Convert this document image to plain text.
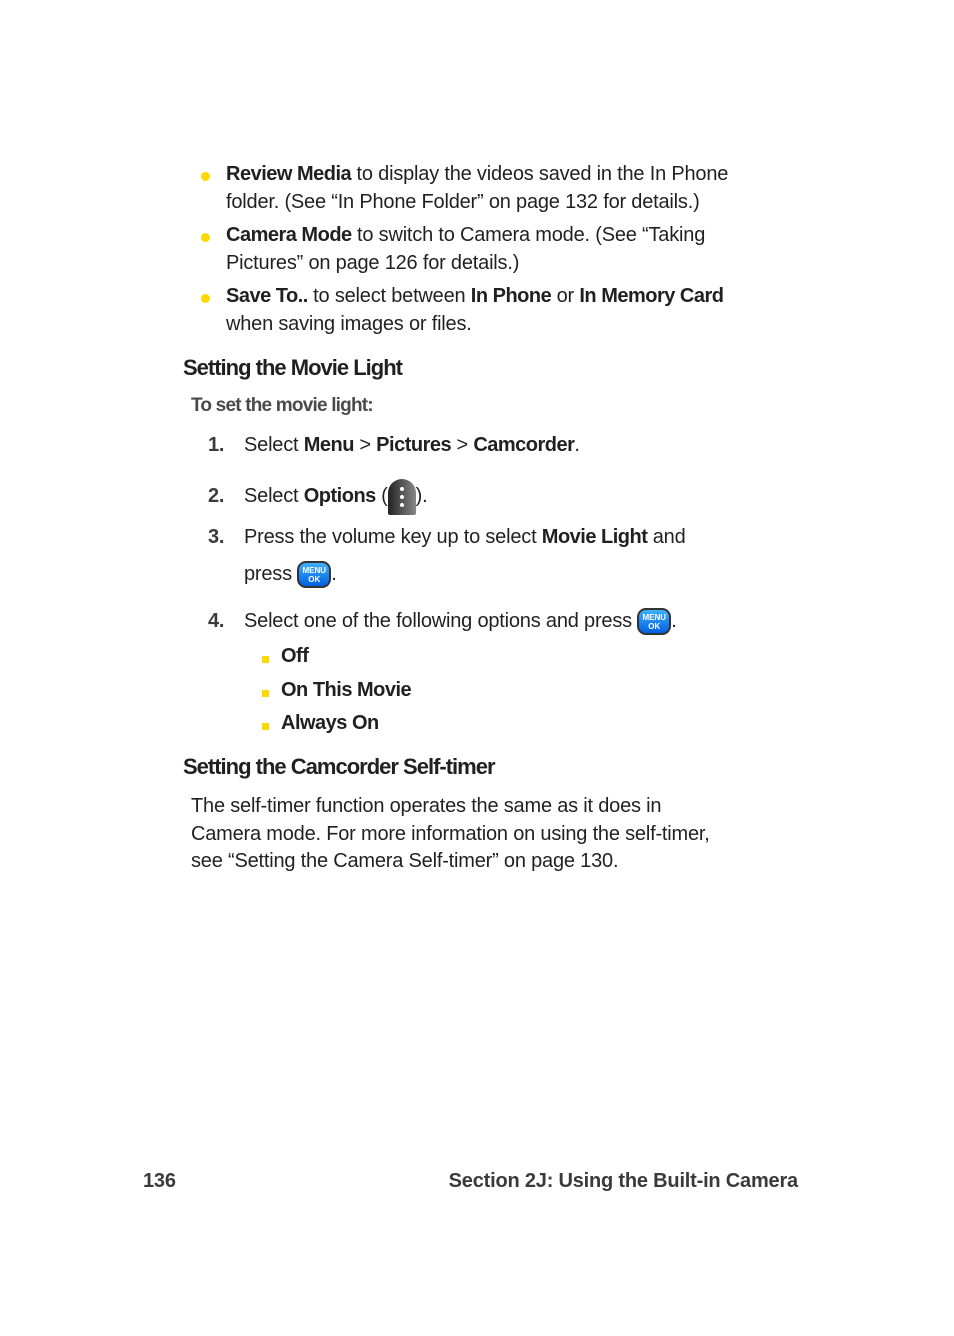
Review Media to display the videos saved in the In Phone
folder. (See “In Phone Folder” on page 132 for details.)
Camera Mode to switch to Camera mode. (See “Taking
Pictures” on page 126 for details.)
Save To.. to select between In Phone or In Memory Card
when saving images or files.
Setting the Movie Light
To set the movie light:
1. Select Menu > Pictures > Camcorder.
2. Select Options ( ).
3. Press the volume key up to select Movie Light and
press MENU
OK .
4. Select one of the following options and press MENU
OK .
Off
On This Movie
Always On
Setting the Camcorder Self-timer
The self-timer function operates the same as it does in
Camera mode. For more information on using the self-timer,
see “Setting the Camera Self-timer” on page 130.
136	Section 2J: Using the Built-in Camera
